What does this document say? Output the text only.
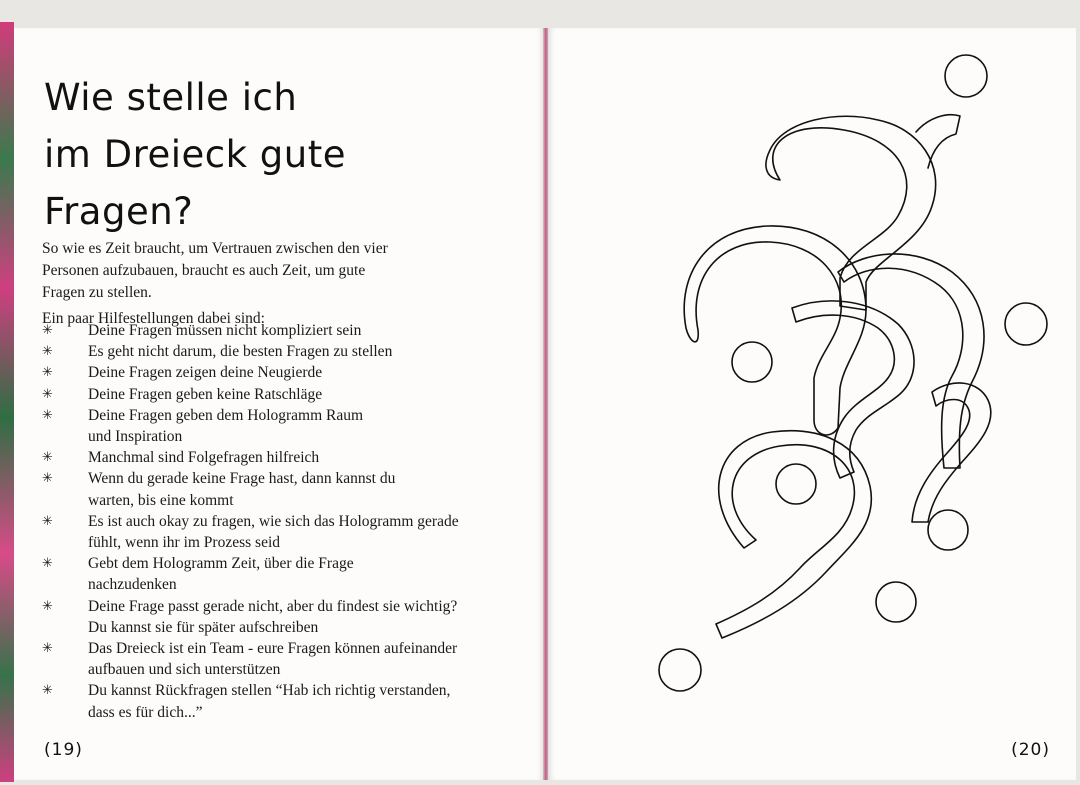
Wie stelle ich
im Dreieck gute
Fragen?

So wie es Zeit braucht, um Vertrauen zwischen den vier Personen aufzubauen, braucht es auch Zeit, um gute Fragen zu stellen.

Ein paar Hilfestellungen dabei sind:

✳ Deine Fragen müssen nicht kompliziert sein
✳ Es geht nicht darum, die besten Fragen zu stellen
✳ Deine Fragen zeigen deine Neugierde
✳ Deine Fragen geben keine Ratschläge
✳ Deine Fragen geben dem Hologramm Raum und Inspiration
✳ Manchmal sind Folgefragen hilfreich
✳ Wenn du gerade keine Frage hast, dann kannst du warten, bis eine kommt
✳ Es ist auch okay zu fragen, wie sich das Hologramm gerade fühlt, wenn ihr im Prozess seid
✳ Gebt dem Hologramm Zeit, über die Frage nachzudenken
✳ Deine Frage passt gerade nicht, aber du findest sie wichtig? Du kannst sie für später aufschreiben
✳ Das Dreieck ist ein Team - eure Fragen können aufeinander aufbauen und sich unterstützen
✳ Du kannst Rückfragen stellen “Hab ich richtig verstanden, dass es für dich...”
(19)	(20)
